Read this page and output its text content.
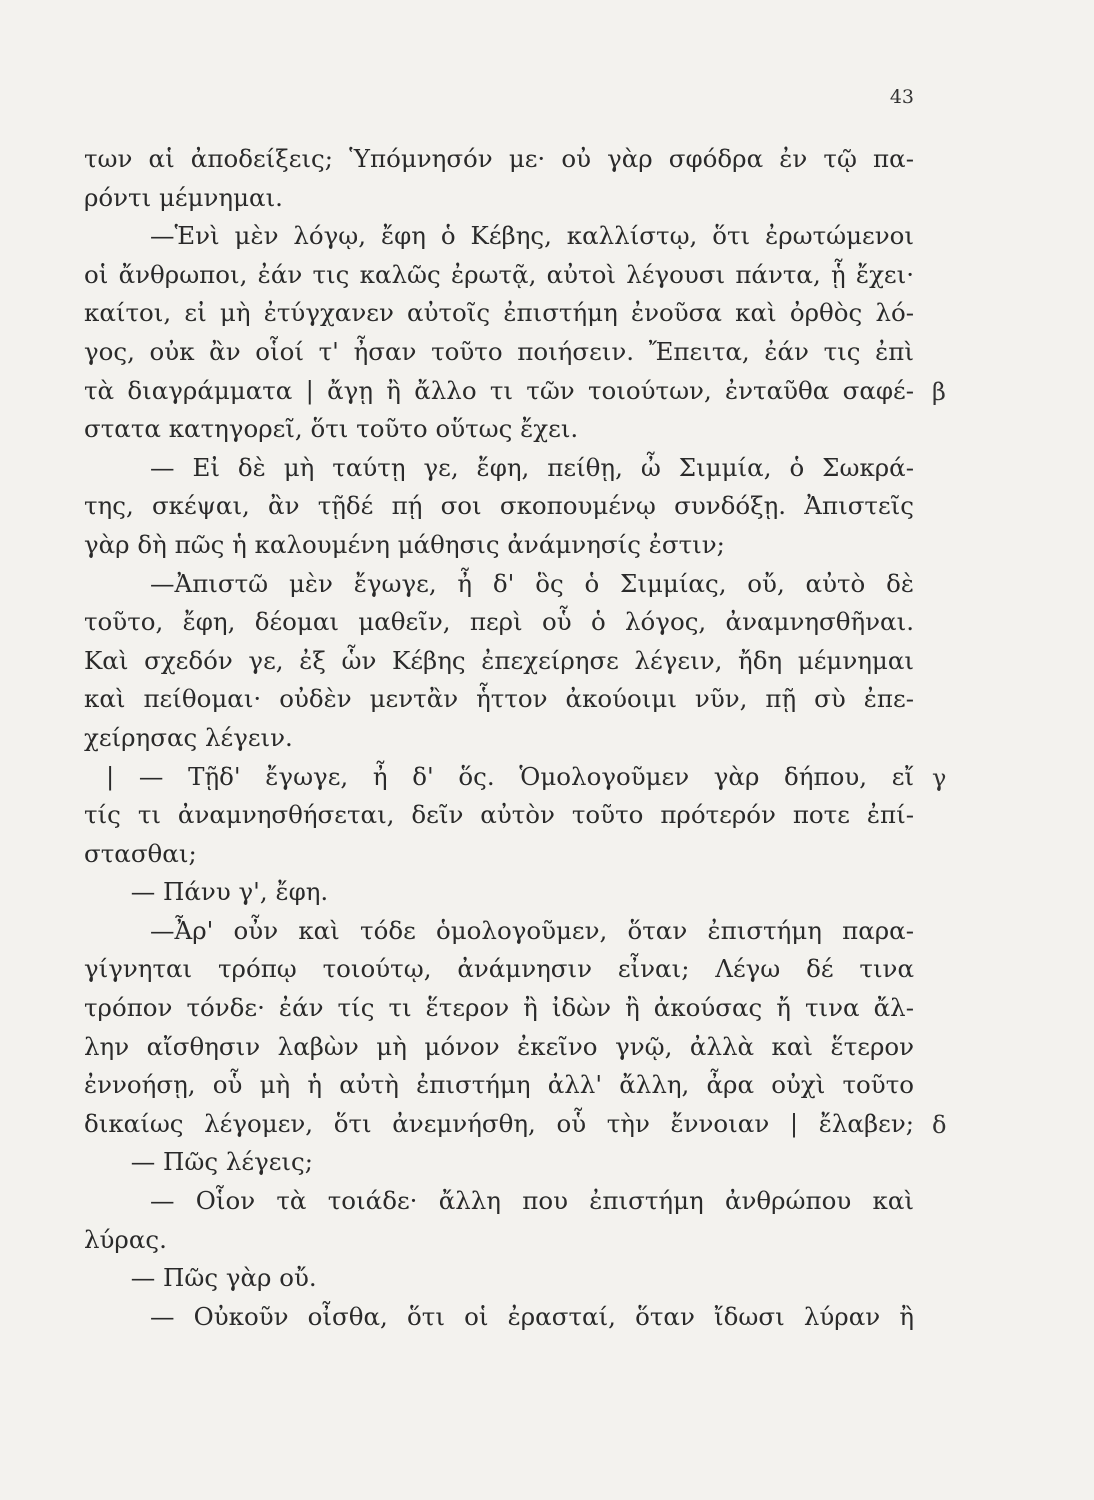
43
των αἱ ἀποδείξεις; Ὑπόμνησόν με· οὐ γὰρ σφόδρα ἐν τῷ πα-
ρόντι μέμνημαι.
—Ἑνὶ μὲν λόγῳ, ἔφη ὁ Κέβης, καλλίστῳ, ὅτι ἐρωτώμενοι
οἱ ἄνθρωποι, ἐάν τις καλῶς ἐρωτᾷ, αὐτοὶ λέγουσι πάντα, ᾗ ἔχει·
καίτοι, εἰ μὴ ἐτύγχανεν αὐτοῖς ἐπιστήμη ἐνοῦσα καὶ ὀρθὸς λό-
γος, οὐκ ἂν οἷοί τ' ἦσαν τοῦτο ποιήσειν. Ἔπειτα, ἐάν τις ἐπὶ
τὰ διαγράμματα | ἄγῃ ἢ ἄλλο τι τῶν τοιούτων, ἐνταῦθα σαφέ-
στατα κατηγορεῖ, ὅτι τοῦτο οὕτως ἔχει.
— Εἰ δὲ μὴ ταύτῃ γε, ἔφη, πείθῃ, ὦ Σιμμία, ὁ Σωκρά-
της, σκέψαι, ἂν τῇδέ πῄ σοι σκοπουμένῳ συνδόξῃ. Ἀπιστεῖς
γὰρ δὴ πῶς ἡ καλουμένη μάθησις ἀνάμνησίς ἐστιν;
—Ἀπιστῶ μὲν ἔγωγε, ἦ δ' ὃς ὁ Σιμμίας, οὔ, αὐτὸ δὲ
τοῦτο, ἔφη, δέομαι μαθεῖν, περὶ οὗ ὁ λόγος, ἀναμνησθῆναι.
Καὶ σχεδόν γε, ἐξ ὧν Κέβης ἐπεχείρησε λέγειν, ἤδη μέμνημαι
καὶ πείθομαι· οὐδὲν μεντἂν ἧττον ἀκούοιμι νῦν, πῇ σὺ ἐπε-
χείρησας λέγειν.
| — Τῇδ' ἔγωγε, ἦ δ' ὅς. Ὁμολογοῦμεν γὰρ δήπου, εἴ
τίς τι ἀναμνησθήσεται, δεῖν αὐτὸν τοῦτο πρότερόν ποτε ἐπί-
στασθαι;
— Πάνυ γ', ἔφη.
—Ἆρ' οὖν καὶ τόδε ὁμολογοῦμεν, ὅταν ἐπιστήμη παρα-
γίγνηται τρόπῳ τοιούτῳ, ἀνάμνησιν εἶναι; Λέγω δέ τινα
τρόπον τόνδε· ἐάν τίς τι ἕτερον ἢ ἰδὼν ἢ ἀκούσας ἤ τινα ἄλ-
λην αἴσθησιν λαβὼν μὴ μόνον ἐκεῖνο γνῷ, ἀλλὰ καὶ ἕτερον
ἐννοήσῃ, οὗ μὴ ἡ αὐτὴ ἐπιστήμη ἀλλ' ἄλλη, ἆρα οὐχὶ τοῦτο
δικαίως λέγομεν, ὅτι ἀνεμνήσθη, οὗ τὴν ἔννοιαν | ἔλαβεν;
— Πῶς λέγεις;
— Οἷον τὰ τοιάδε· ἄλλη που ἐπιστήμη ἀνθρώπου καὶ
λύρας.
— Πῶς γὰρ οὔ.
— Οὐκοῦν οἶσθα, ὅτι οἱ ἐρασταί, ὅταν ἴδωσι λύραν ἢ
β
γ
δ
